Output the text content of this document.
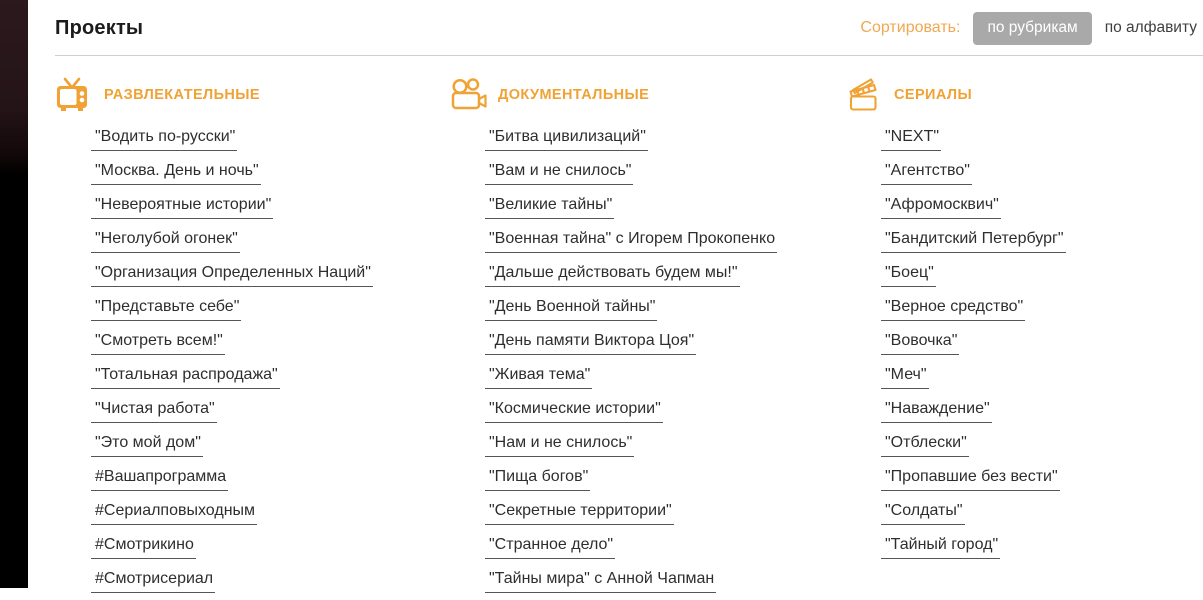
Проекты	Сортировать:	по рубрикам	по алфавиту
РАЗВЛЕКАТЕЛЬНЫЕ
"Водить по-русски"
"Москва. День и ночь"
"Невероятные истории"
"Неголубой огонек"
"Организация Определенных Наций"
"Представьте себе"
"Смотреть всем!"
"Тотальная распродажа"
"Чистая работа"
"Это мой дом"
#Вашапрограмма
#Сериалповыходным
#Смотрикино
#Смотрисериал
ДОКУМЕНТАЛЬНЫЕ
"Битва цивилизаций"
"Вам и не снилось"
"Великие тайны"
"Военная тайна" с Игорем Прокопенко
"Дальше действовать будем мы!"
"День Военной тайны"
"День памяти Виктора Цоя"
"Живая тема"
"Космические истории"
"Нам и не снилось"
"Пища богов"
"Секретные территории"
"Странное дело"
"Тайны мира" с Анной Чапман
СЕРИАЛЫ
"NEXT"
"Агентство"
"Афромосквич"
"Бандитский Петербург"
"Боец"
"Верное средство"
"Вовочка"
"Меч"
"Наваждение"
"Отблески"
"Пропавшие без вести"
"Солдаты"
"Тайный город"
